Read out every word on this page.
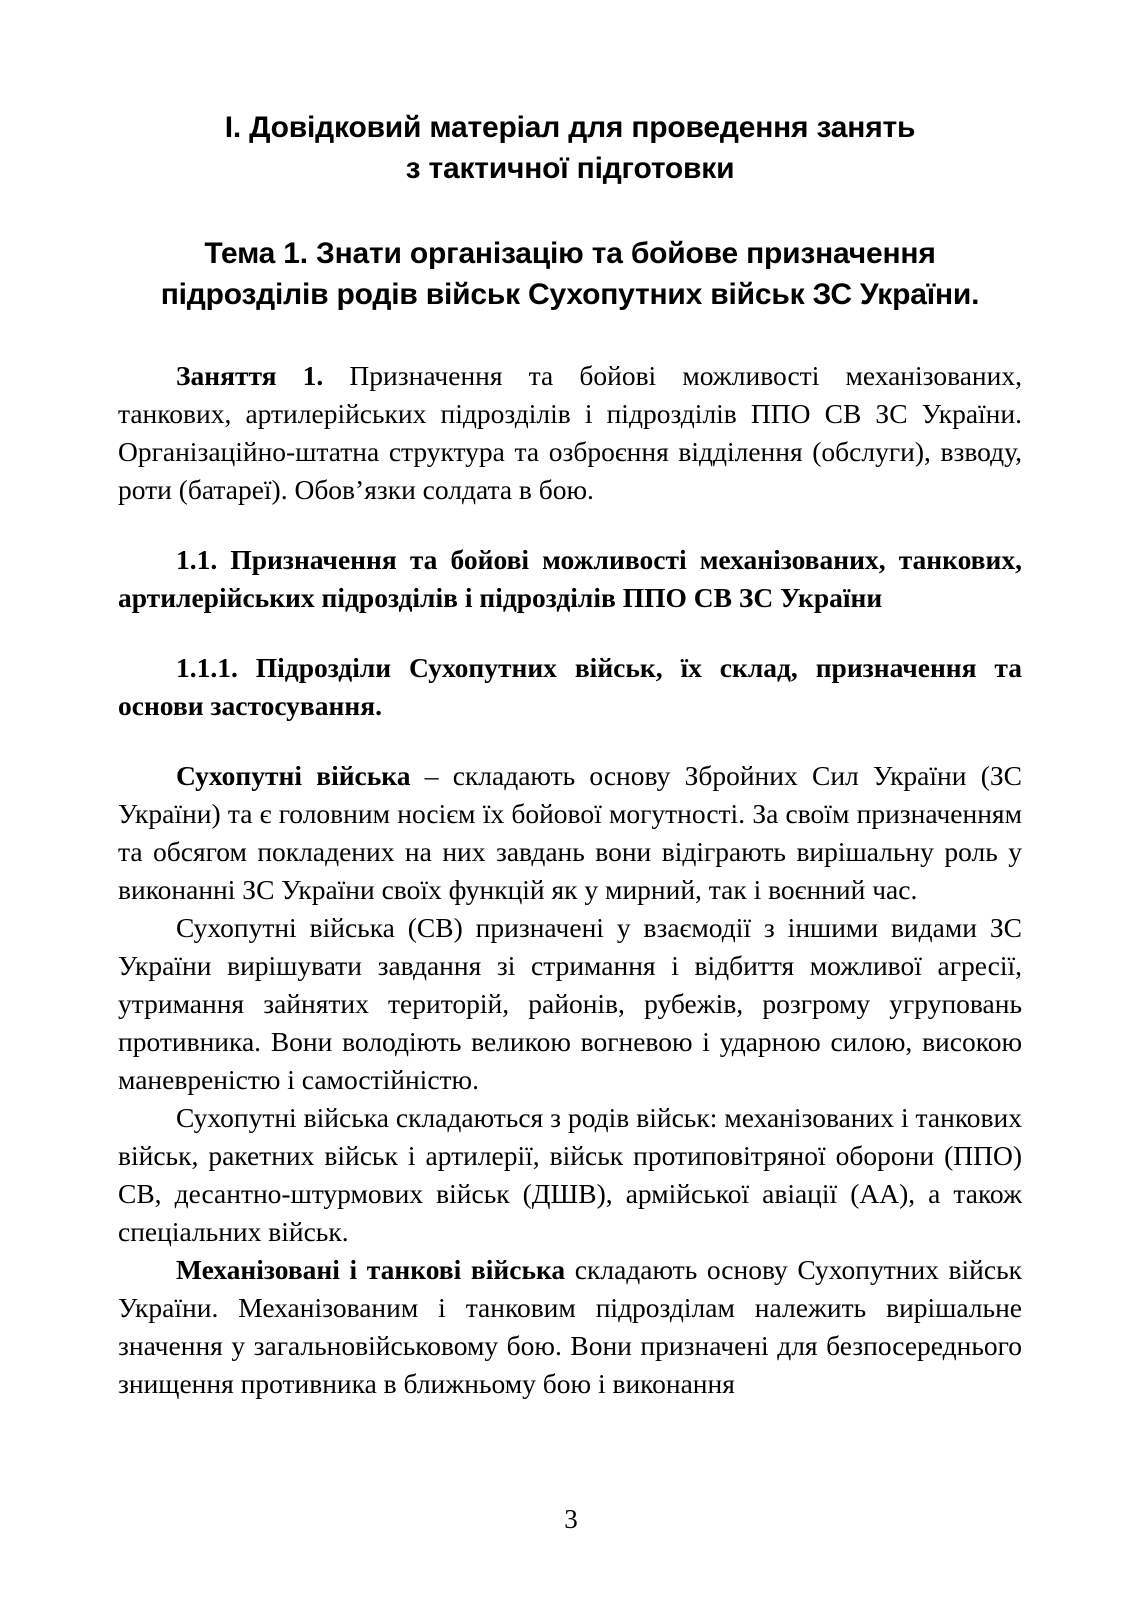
I. Довідковий матеріал для проведення занять
з тактичної підготовки
Тема 1. Знати організацію та бойове призначення
підрозділів родів військ Сухопутних військ ЗС України.

Заняття 1. Призначення та бойові можливості механізованих, танкових, артилерійських підрозділів і підрозділів ППО СВ ЗС України. Організаційно-штатна структура та озброєння відділення (обслуги), взводу, роти (батареї). Обов’язки солдата в бою.

1.1. Призначення та бойові можливості механізованих, танкових, артилерійських підрозділів і підрозділів ППО СВ ЗС України

1.1.1. Підрозділи Сухопутних військ, їх склад, призначення та основи застосування.

Сухопутні війська – складають основу Збройних Сил України (ЗС України) та є головним носієм їх бойової могутності. За своїм призначенням та обсягом покладених на них завдань вони відіграють вирішальну роль у виконанні ЗС України своїх функцій як у мирний, так і воєнний час.

Сухопутні війська (СВ) призначені у взаємодії з іншими видами ЗС України вирішувати завдання зі стримання і відбиття можливої агресії, утримання зайнятих територій, районів, рубежів, розгрому угруповань противника. Вони володіють великою вогневою і ударною силою, високою маневреністю і самостійністю.

Сухопутні війська складаються з родів військ: механізованих і танкових військ, ракетних військ і артилерії, військ протиповітряної оборони (ППО) СВ, десантно-штурмових військ (ДШВ), армійської авіації (АА), а також спеціальних військ.

Механізовані і танкові війська складають основу Сухопутних військ України. Механізованим і танковим підрозділам належить вирішальне значення у загальновійськовому бою. Вони призначені для безпосереднього знищення противника в ближньому бою і виконання

3
